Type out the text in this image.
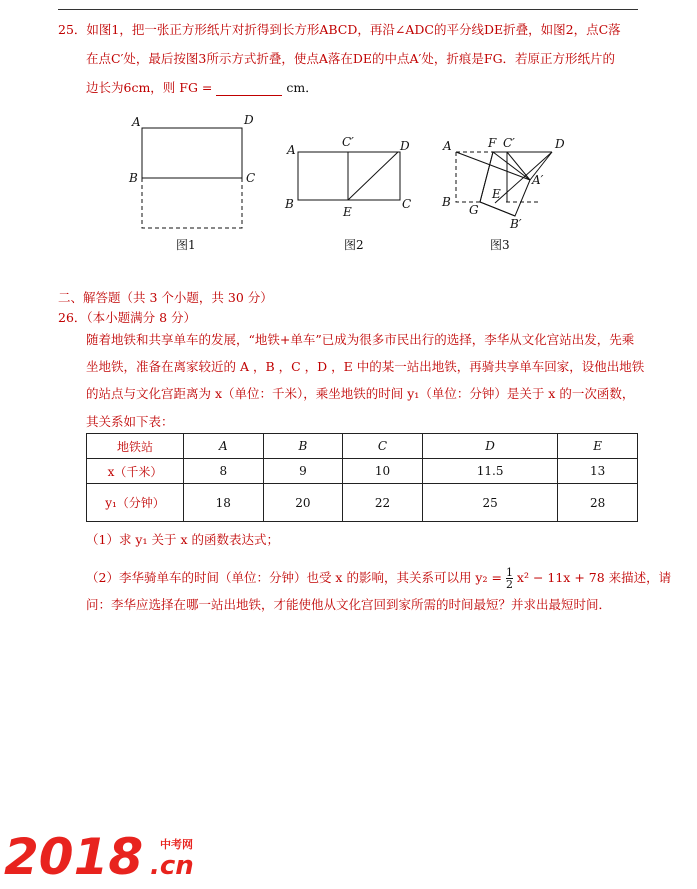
25．如图1，把一张正方形纸片对折得到长方形ABCD，再沿∠ADC的平分线DE折叠，如图2，点C落
在点C′处，最后按图3所示方式折叠，使点A落在DE的中点A′处，折痕是FG．若原正方形纸片的
边长为6cm，则 FG =	cm．
A	D
B	C
A
C′	D
B
E
C
A	F C′	D
A′
E
B
G
B′
图1	图2	图3
二、解答题（共 3 个小题，共 30 分）
26．（本小题满分 8 分）
随着地铁和共享单车的发展，“地铁+单车”已成为很多市民出行的选择，李华从文化宫站出发，先乘
坐地铁，准备在离家较近的 A ，B ，C ，D ，E 中的某一站出地铁，再骑共享单车回家，设他出地铁
的站点与文化宫距离为 x（单位：千米），乘坐地铁的时间 y₁（单位：分钟）是关于 x 的一次函数，
其关系如下表：
地铁站	A	B	C	D	E
x（千米）	8	9	10	11.5	13
y₁（分钟）	18	20	22	25	28
（1）求 y₁ 关于 x 的函数表达式；
（2）李华骑单车的时间（单位：分钟）也受 x 的影响，其关系可以用 $y_2 = \frac{1}{2} x^2 - 11x + 78$ 来描述，请
问：李华应选择在哪一站出地铁，才能使他从文化宫回到家所需的时间最短？并求出最短时间．
2018 中考网
.cn
